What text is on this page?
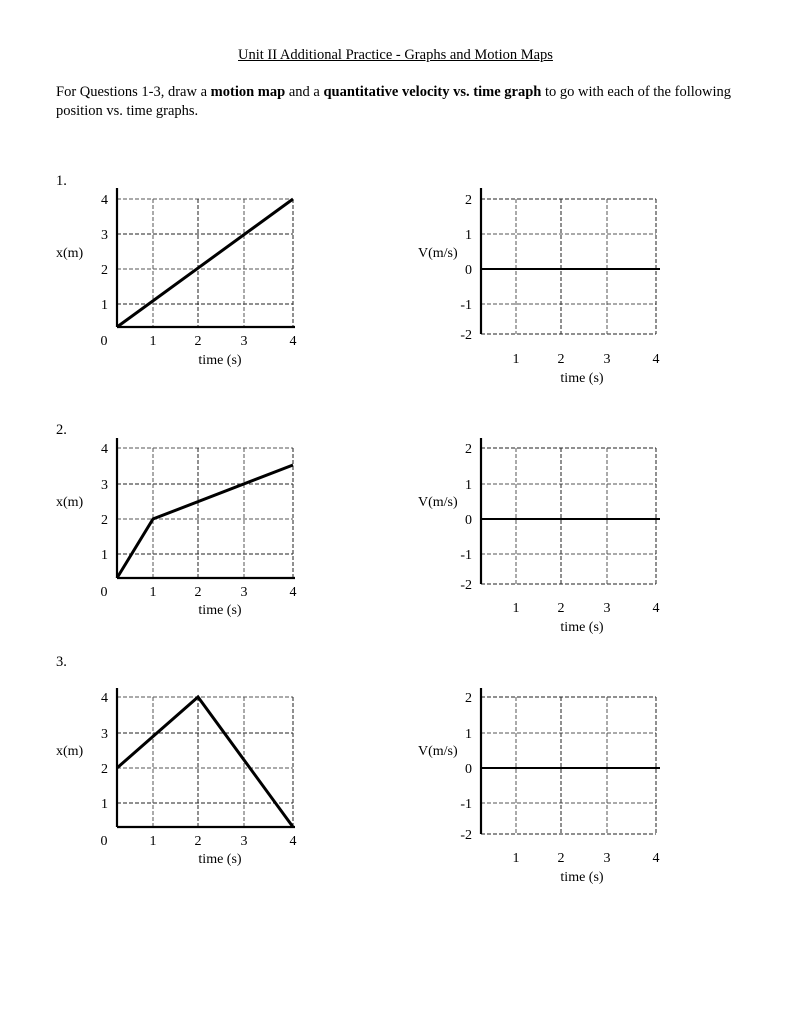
Unit II Additional Practice - Graphs and Motion Maps
For Questions 1-3, draw a motion map and a quantitative velocity vs. time graph to go with each of the following position vs. time graphs.
1.
2.
3.
1
2
3
4
0	1	2	3	4
x(m)
time (s)
2
1
0
-1
-2
1	2	3	4
V(m/s)
time (s)
1
2
3
4
0	1	2	3	4
x(m)
time (s)
2
1
0
-1
-2
1	2	3	4
V(m/s)
time (s)
1
2
3
4
0	1	2	3	4
x(m)
time (s)
2
1
0
-1
-2
1	2	3	4
V(m/s)
time (s)
